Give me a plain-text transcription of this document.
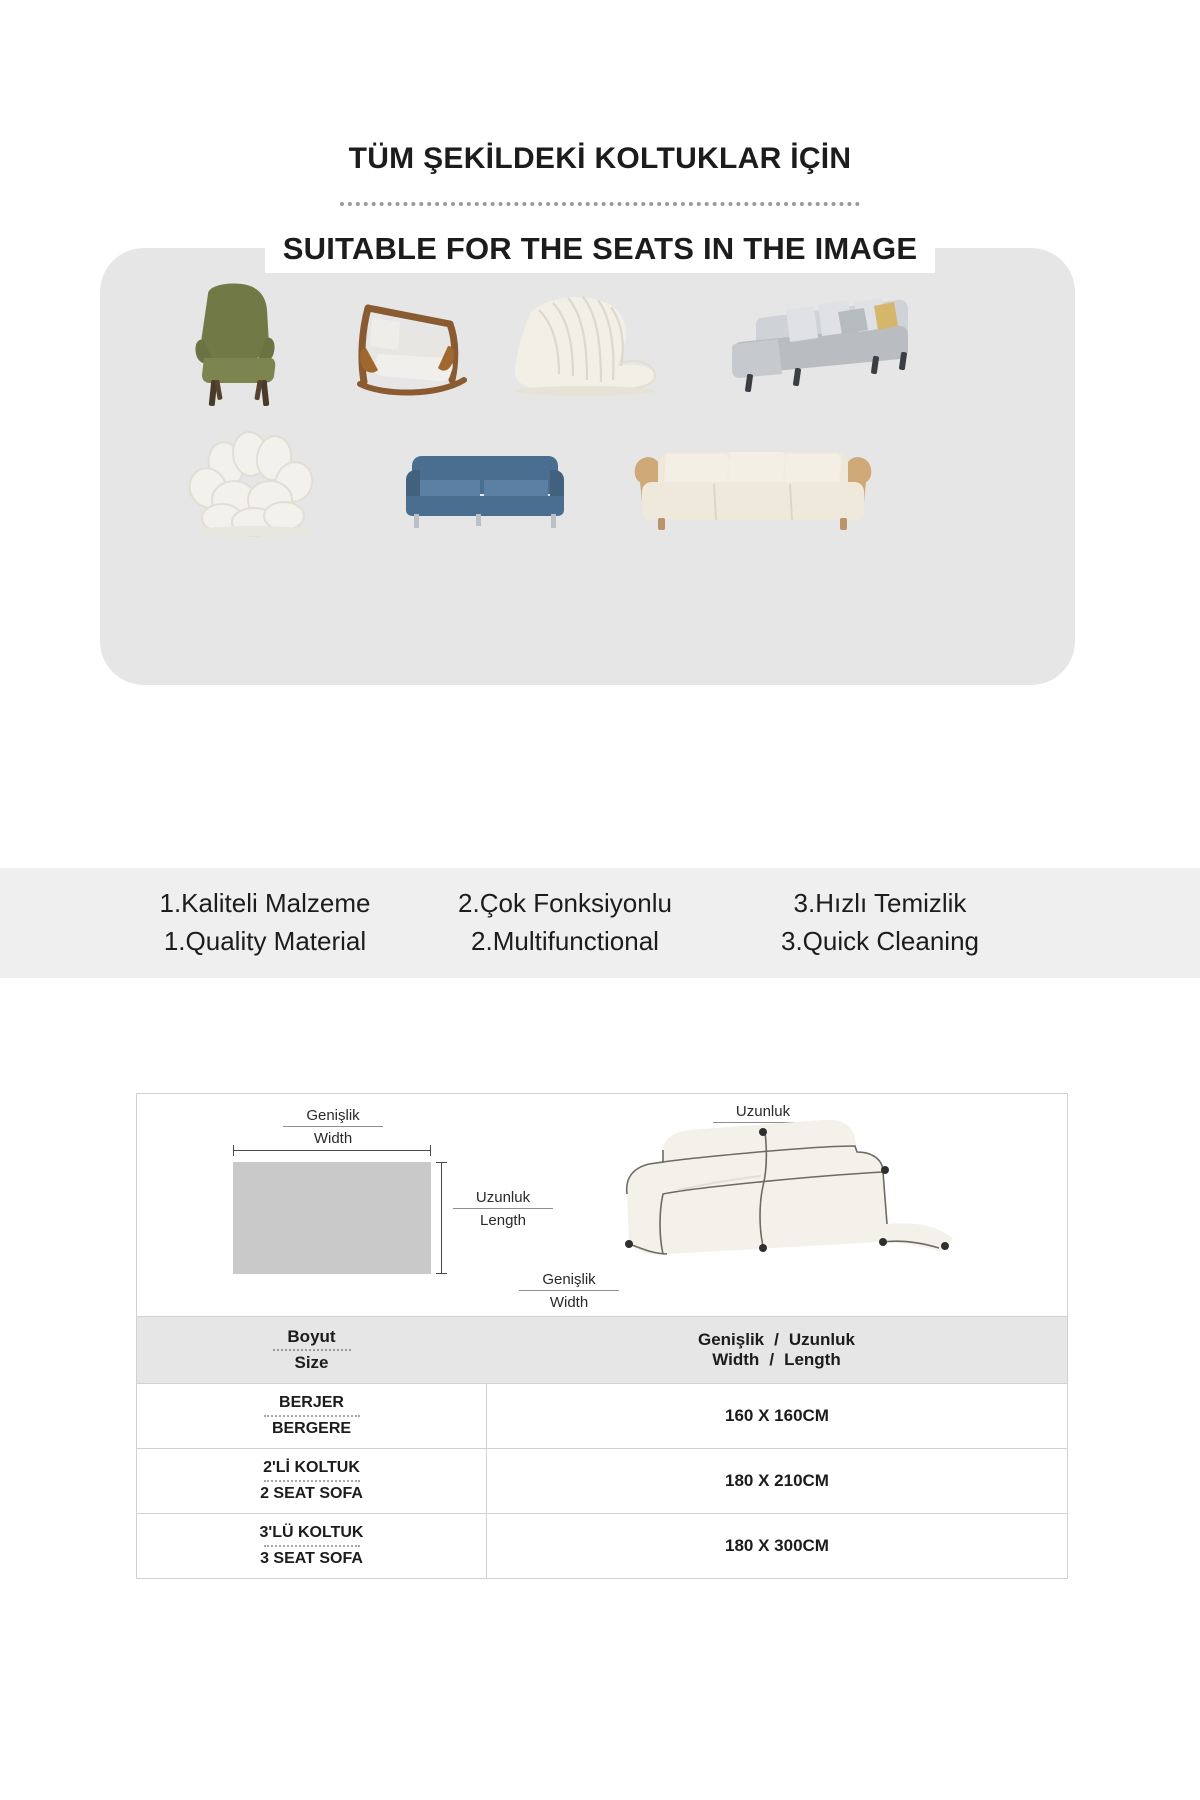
TÜM ŞEKİLDEKİ KOLTUKLAR İÇİN
SUITABLE FOR THE SEATS IN THE IMAGE
1.Kaliteli Malzeme
1.Quality Material
2.Çok Fonksiyonlu
2.Multifunctional
3.Hızlı Temizlik
3.Quick Cleaning
Genişlik
Width
Uzunluk
Length
Uzunluk
Genişlik
Width
Boyut
Size
Genişlik / Uzunluk
Width / Length
BERJER
BERGERE
160 X 160CM
2'Lİ KOLTUK
2 SEAT SOFA
180 X 210CM
3'LÜ KOLTUK
3 SEAT SOFA
180 X 300CM
